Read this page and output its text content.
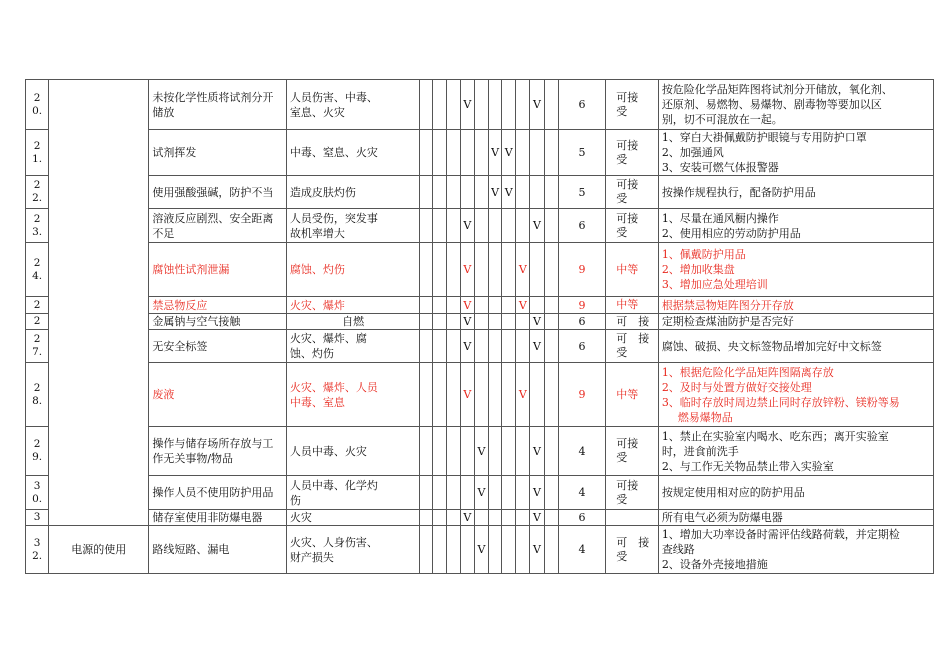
2
0.		未按化学性质将试剂分开储放	人员伤害、中毒、
室息、火灾				V					V		6	可接
受	按危险化学品矩阵图将试剂分开储放，氧化剂、
还原剂、易燃物、易爆物、剧毒物等要加以区
别，切不可混放在一起。

2
1.		试剂挥发	中毒、窒息、火灾						V	V				5	可接
受	1、穿白大褂佩戴防护眼镜与专用防护口罩
2、加强通风
3、安装可燃气体报警器

2
2.		使用强酸强碱，防护不当	造成皮肤灼伤						V	V				5	可接
受	按操作规程执行，配备防护用品

2
3.		溶液反应剧烈、安全距离不足	人员受伤，突发事
故机率增大				V					V		6	可接
受	1、尽量在通风橱内操作
2、使用相应的劳动防护用品

2
4.		腐蚀性试剂泄漏	腐蚀、灼伤				V				V			9	中等	1、佩戴防护用品
2、增加收集盘
3、增加应急处理培训

2		禁忌物反应	火灾、爆炸				V				V			9	中等	根据禁忌物矩阵图分开存放

2		金属钠与空气接触	自燃				V					V		6	可　接	定期检查煤油防护是否完好

2
7.		无安全标签	火灾、爆炸、腐
蚀、灼伤				V					V		6	可　接
受	腐蚀、破损、央文标签物品增加完好中文标签

2
8.		废液	火灾、爆炸、人员
中毒、室息				V				V			9	中等	1、根据危险化学品矩阵图隔离存放
2、及时与处置方做好交接处理
3、临时存放时周边禁止同时存放锌粉、镁粉等易
燃易爆物品

2
9.		操作与储存场所存放与工作无关事物/物品	人员中毒、火灾					V				V		4	可接
受	1、禁止在实验室内喝水、吃东西；离开实验室
时，进食前洗手
2、与工作无关物品禁止带入实验室

3
0.		操作人员不使用防护用品	人员中毒、化学灼
伤					V				V		4	可接
受	按规定使用相对应的防护用品

3		储存室使用非防爆电器	火灾				V					V		6		所有电气必须为防爆电器

3
2.	电源的使用	路线短路、漏电	火灾、人身伤害、
财产损失					V				V		4	可　接
受	1、增加大功率设备时需评估线路荷载，并定期检
查线路
2、设备外壳接地措施
